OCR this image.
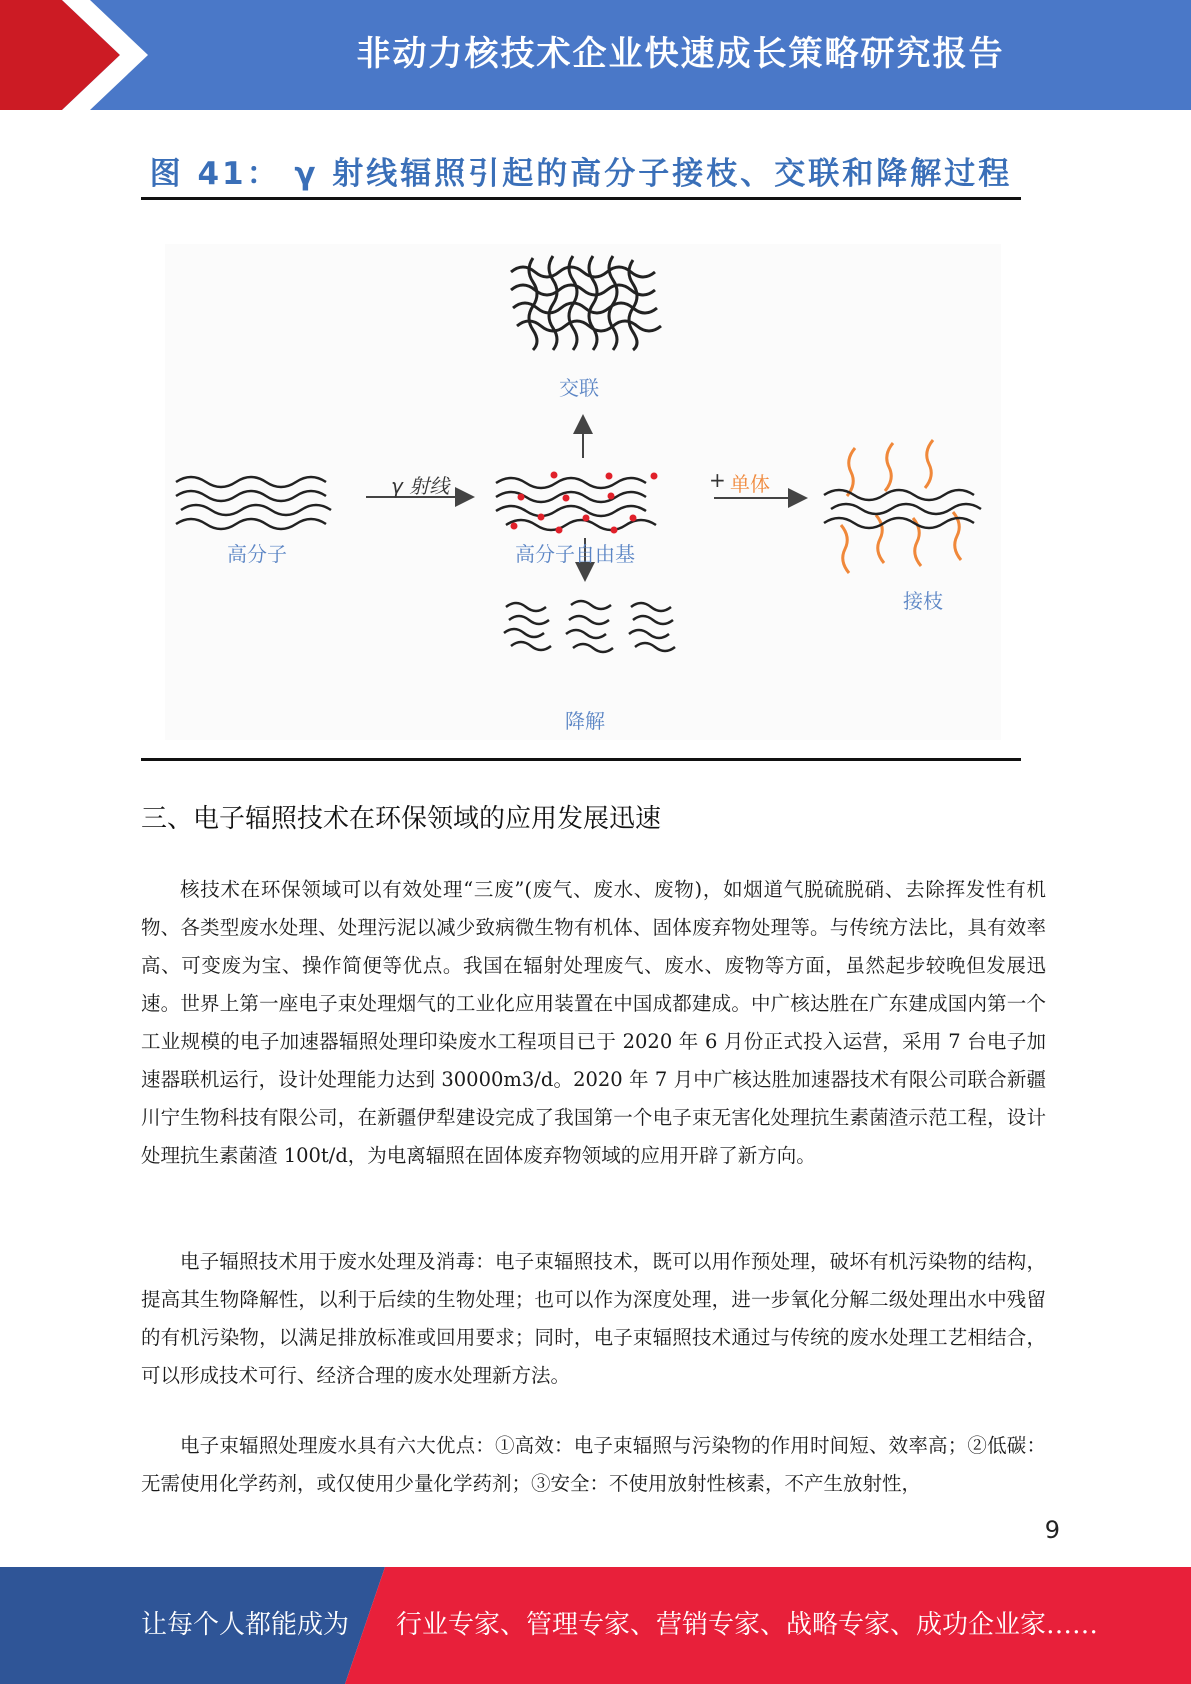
非动力核技术企业快速成长策略研究报告
图 41： γ 射线辐照引起的高分子接枝、交联和降解过程
高分子
γ 射线
高分子自由基
交联
降解
+ 单体
接枝
三、电子辐照技术在环保领域的应用发展迅速

核技术在环保领域可以有效处理“三废”(废气、废水、废物)，如烟道气脱硫脱硝、去除挥发性有机物、各类型废水处理、处理污泥以减少致病微生物有机体、固体废弃物处理等。与传统方法比，具有效率高、可变废为宝、操作简便等优点。我国在辐射处理废气、废水、废物等方面，虽然起步较晚但发展迅速。世界上第一座电子束处理烟气的工业化应用装置在中国成都建成。中广核达胜在广东建成国内第一个工业规模的电子加速器辐照处理印染废水工程项目已于 2020 年 6 月份正式投入运营，采用 7 台电子加速器联机运行，设计处理能力达到 30000m3/d。2020 年 7 月中广核达胜加速器技术有限公司联合新疆川宁生物科技有限公司，在新疆伊犁建设完成了我国第一个电子束无害化处理抗生素菌渣示范工程，设计处理抗生素菌渣 100t/d，为电离辐照在固体废弃物领域的应用开辟了新方向。

电子辐照技术用于废水处理及消毒：电子束辐照技术，既可以用作预处理，破坏有机污染物的结构，提高其生物降解性，以利于后续的生物处理；也可以作为深度处理，进一步氧化分解二级处理出水中残留的有机污染物，以满足排放标准或回用要求；同时，电子束辐照技术通过与传统的废水处理工艺相结合，可以形成技术可行、经济合理的废水处理新方法。

电子束辐照处理废水具有六大优点：①高效：电子束辐照与污染物的作用时间短、效率高；②低碳：无需使用化学药剂，或仅使用少量化学药剂；③安全：不使用放射性核素，不产生放射性，

9
让每个人都能成为 行业专家、管理专家、营销专家、战略专家、成功企业家……
